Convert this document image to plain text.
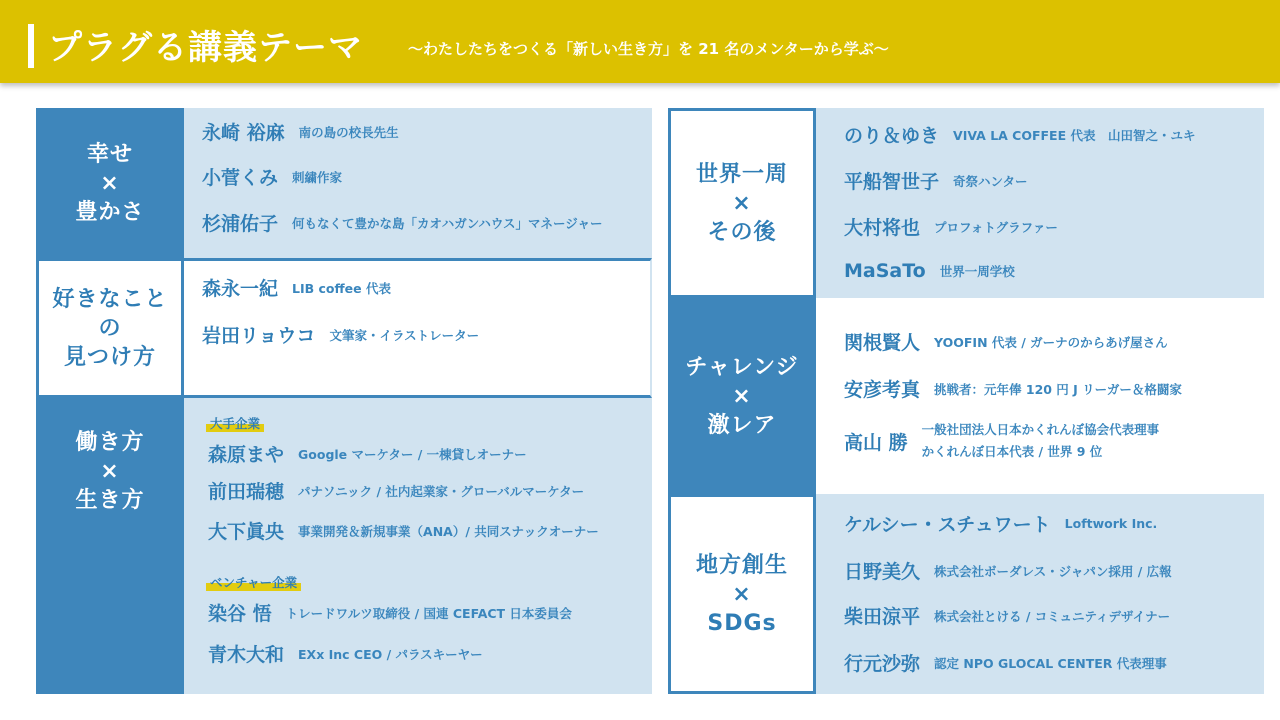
プラグる講義テーマ	〜わたしたちをつくる「新しい生き方」を 21 名のメンターから学ぶ〜
幸せ
×
豊かさ
永崎 裕麻 南の島の校長先生
小菅くみ 刺繍作家
杉浦佑子 何もなくて豊かな島「カオハガンハウス」マネージャー
好きなこと
の
見つけ方
森永一紀 LIB coffee 代表
岩田リョウコ 文筆家・イラストレーター
働き方
×
生き方
大手企業
森原まや Google マーケター / 一棟貸しオーナー
前田瑞穂 パナソニック / 社内起業家・グローバルマーケター
大下眞央 事業開発＆新規事業（ANA）/ 共同スナックオーナー
ベンチャー企業
染谷 悟 トレードワルツ取締役 / 国連 CEFACT 日本委員会
青木大和 EXx Inc CEO / パラスキーヤー
世界一周
×
その後
のり＆ゆき VIVA LA COFFEE 代表　山田智之・ユキ
平船智世子 奇祭ハンター
大村将也 プロフォトグラファー
MaSaTo 世界一周学校
チャレンジ
×
激レア
関根賢人 YOOFIN 代表 / ガーナのからあげ屋さん
安彦考真 挑戦者：元年俸 120 円 J リーガー＆格闘家
高山 勝
一般社団法人日本かくれんぼ協会代表理事
かくれんぼ日本代表 / 世界 9 位
地方創生
×
SDGs
ケルシー・スチュワート Loftwork Inc.
日野美久 株式会社ボーダレス・ジャパン採用 / 広報
柴田涼平 株式会社とける / コミュニティデザイナー
行元沙弥 認定 NPO GLOCAL CENTER 代表理事
